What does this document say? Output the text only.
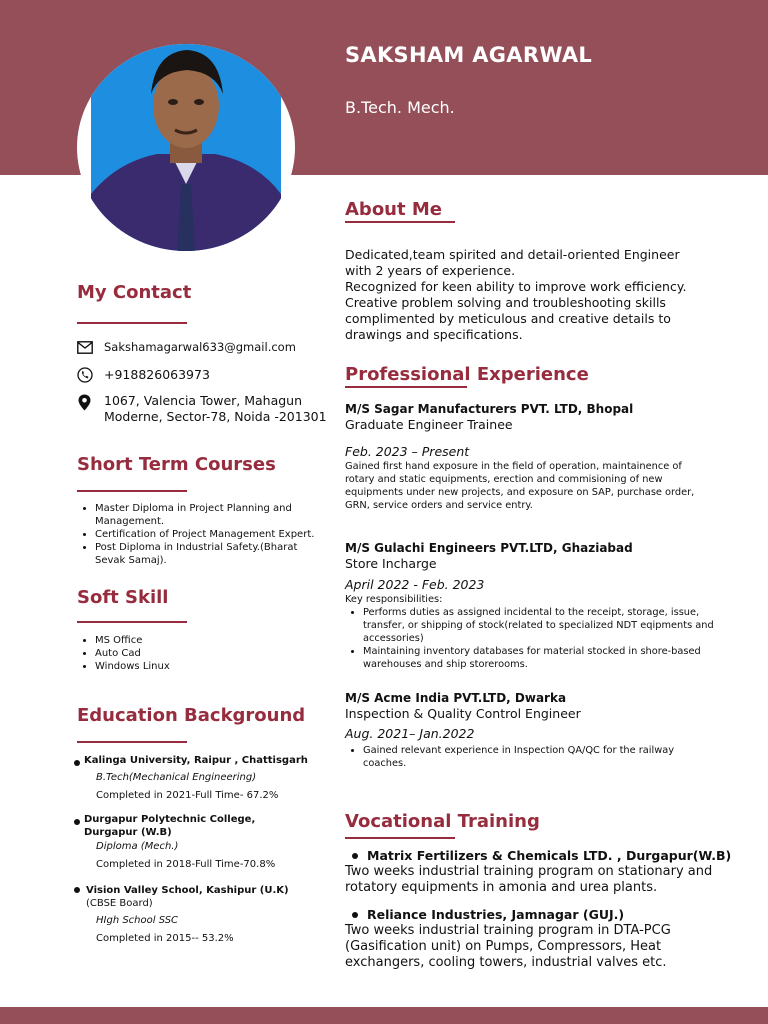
SAKSHAM AGARWAL
B.Tech. Mech.
My Contact
Sakshamagarwal633@gmail.com
+918826063973
1067, Valencia Tower, Mahagun
Moderne, Sector-78, Noida -201301
Short Term Courses
• Master Diploma in Project Planning and Management.
• Certification of Project Management Expert.
• Post Diploma in Industrial Safety.(Bharat Sevak Samaj).
Soft Skill
• MS Office
• Auto Cad
• Windows Linux
Education Background
Kalinga University, Raipur , Chattisgarh
B.Tech(Mechanical Engineering)
Completed in 2021-Full Time- 67.2%
Durgapur Polytechnic College,
Durgapur (W.B)
Diploma (Mech.)
Completed in 2018-Full Time-70.8%
Vision Valley School, Kashipur (U.K)
(CBSE Board)
HIgh School SSC
Completed in 2015-- 53.2%
About Me
Dedicated,team spirited and detail-oriented Engineer
with 2 years of experience.
Recognized for keen ability to improve work efficiency.
Creative problem solving and troubleshooting skills
complimented by meticulous and creative details to
drawings and specifications.
Professional Experience
M/S Sagar Manufacturers PVT. LTD, Bhopal
Graduate Engineer Trainee
Feb. 2023 – Present
Gained first hand exposure in the field of operation, maintainence of rotary and static equipments, erection and commisioning of new equipments under new projects, and exposure on SAP, purchase order, GRN, service orders and service entry.
M/S Gulachi Engineers PVT.LTD, Ghaziabad
Store Incharge
April 2022 - Feb. 2023
Key responsibilities:
• Performs duties as assigned incidental to the receipt, storage, issue, transfer, or shipping of stock(related to specialized NDT eqipments and accessories)
• Maintaining inventory databases for material stocked in shore-based warehouses and ship storerooms.
M/S Acme India PVT.LTD, Dwarka
Inspection & Quality Control Engineer
Aug. 2021– Jan.2022
• Gained relevant experience in Inspection QA/QC for the railway coaches.
Vocational Training
Matrix Fertilizers & Chemicals LTD. , Durgapur(W.B)
Two weeks industrial training program on stationary and rotatory equipments in amonia and urea plants.
Reliance Industries, Jamnagar (GUJ.)
Two weeks industrial training program in DTA-PCG (Gasification unit) on Pumps, Compressors, Heat exchangers, cooling towers, industrial valves etc.
